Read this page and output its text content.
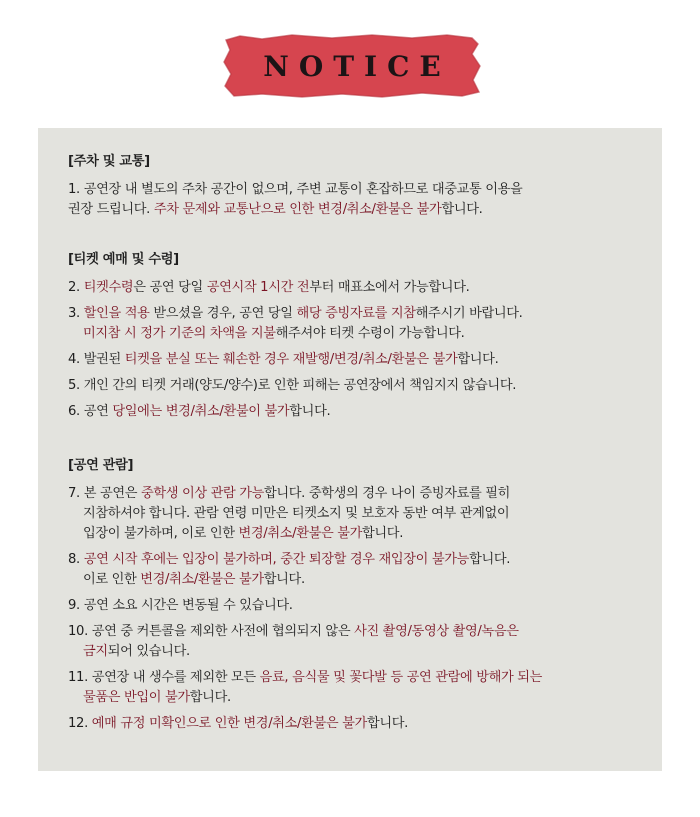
NOTICE
[주차 및 교통]
1. 공연장 내 별도의 주차 공간이 없으며, 주변 교통이 혼잡하므로 대중교통 이용을
권장 드립니다. 주차 문제와 교통난으로 인한 변경/취소/환불은 불가합니다.
[티켓 예매 및 수령]
2. 티켓수령은 공연 당일 공연시작 1시간 전부터 매표소에서 가능합니다.
3. 할인을 적용 받으셨을 경우, 공연 당일 해당 증빙자료를 지참해주시기 바랍니다.
미지참 시 정가 기준의 차액을 지불해주셔야 티켓 수령이 가능합니다.
4. 발권된 티켓을 분실 또는 훼손한 경우 재발행/변경/취소/환불은 불가합니다.
5. 개인 간의 티켓 거래(양도/양수)로 인한 피해는 공연장에서 책임지지 않습니다.
6. 공연 당일에는 변경/취소/환불이 불가합니다.
[공연 관람]
7. 본 공연은 중학생 이상 관람 가능합니다. 중학생의 경우 나이 증빙자료를 필히
지참하셔야 합니다. 관람 연령 미만은 티켓소지 및 보호자 동반 여부 관계없이
입장이 불가하며, 이로 인한 변경/취소/환불은 불가합니다.
8. 공연 시작 후에는 입장이 불가하며, 중간 퇴장할 경우 재입장이 불가능합니다.
이로 인한 변경/취소/환불은 불가합니다.
9. 공연 소요 시간은 변동될 수 있습니다.
10. 공연 중 커튼콜을 제외한 사전에 협의되지 않은 사진 촬영/동영상 촬영/녹음은
금지되어 있습니다.
11. 공연장 내 생수를 제외한 모든 음료, 음식물 및 꽃다발 등 공연 관람에 방해가 되는
물품은 반입이 불가합니다.
12. 예매 규정 미확인으로 인한 변경/취소/환불은 불가합니다.
